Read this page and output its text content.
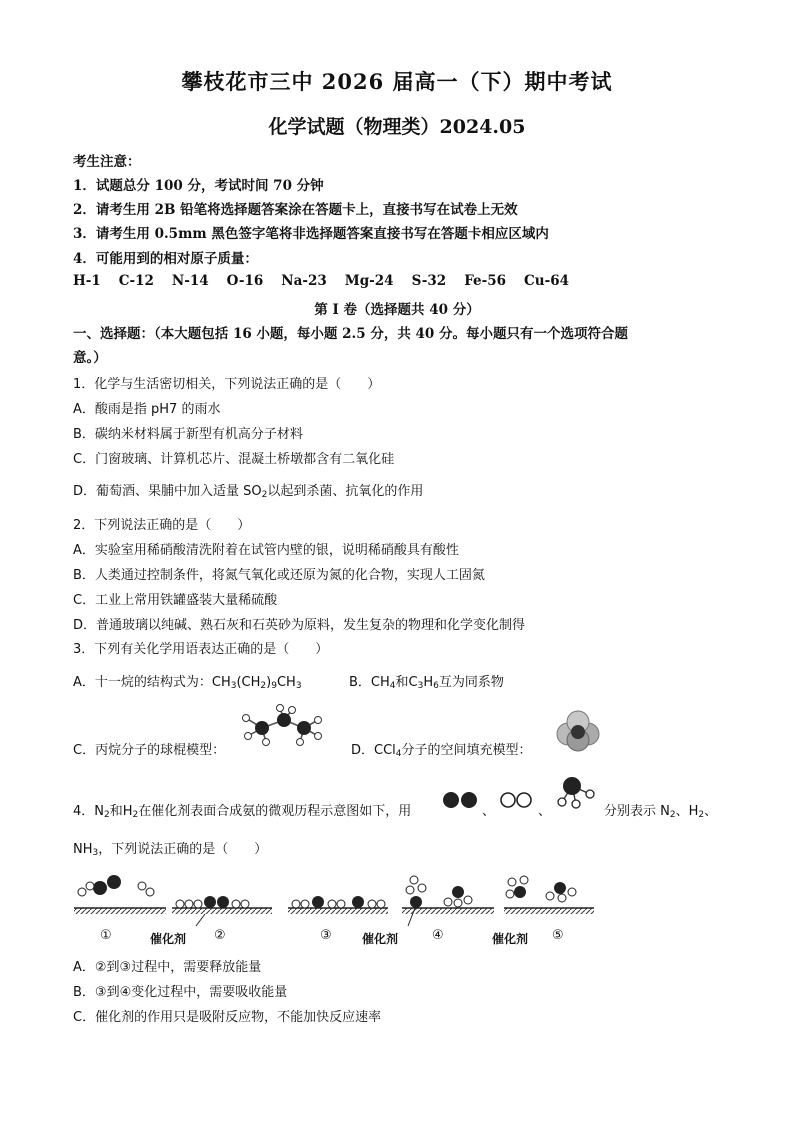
攀枝花市三中 2026 届高一（下）期中考试
化学试题（物理类）2024.05
考生注意：
1．试题总分 100 分，考试时间 70 分钟
2．请考生用 2B 铅笔将选择题答案涂在答题卡上，直接书写在试卷上无效
3．请考生用 0.5mm 黑色签字笔将非选择题答案直接书写在答题卡相应区域内
4．可能用到的相对原子质量：
H-1 C-12 N-14 O-16 Na-23 Mg-24 S-32 Fe-56 Cu-64
第 I 卷（选择题共 40 分）
一、选择题：（本大题包括 16 小题，每小题 2.5 分，共 40 分。每小题只有一个选项符合题
意。）
1．化学与生活密切相关，下列说法正确的是（　　）
A．酸雨是指 pH7 的雨水
B．碳纳米材料属于新型有机高分子材料
C．门窗玻璃、计算机芯片、混凝土桥墩都含有二氧化硅
D．葡萄酒、果脯中加入适量 $SO_2$以起到杀菌、抗氧化的作用
2．下列说法正确的是（　　）
A．实验室用稀硝酸清洗附着在试管内壁的银，说明稀硝酸具有酸性
B．人类通过控制条件，将氮气氧化或还原为氮的化合物，实现人工固氮
C．工业上常用铁罐盛装大量稀硫酸
D．普通玻璃以纯碱、熟石灰和石英砂为原料，发生复杂的物理和化学变化制得
3．下列有关化学用语表达正确的是（　　）
A．十一烷的结构式为：$CH_3(CH_2)_9CH_3$	B．$CH_4$和$C_3H_6$互为同系物
C．丙烷分子的球棍模型：	D．CCl$_4$分子的空间填充模型：
4．$N_2$和$H_2$在催化剂表面合成氨的微观历程示意图如下，用	、	、	分别表示 $N_2$、$H_2$、
$NH_3$，下列说法正确的是（　　）
①	催化剂 ②	③	催化剂	④	催化剂 ⑤
A．②到③过程中，需要释放能量
B．③到④变化过程中，需要吸收能量
C．催化剂的作用只是吸附反应物，不能加快反应速率
